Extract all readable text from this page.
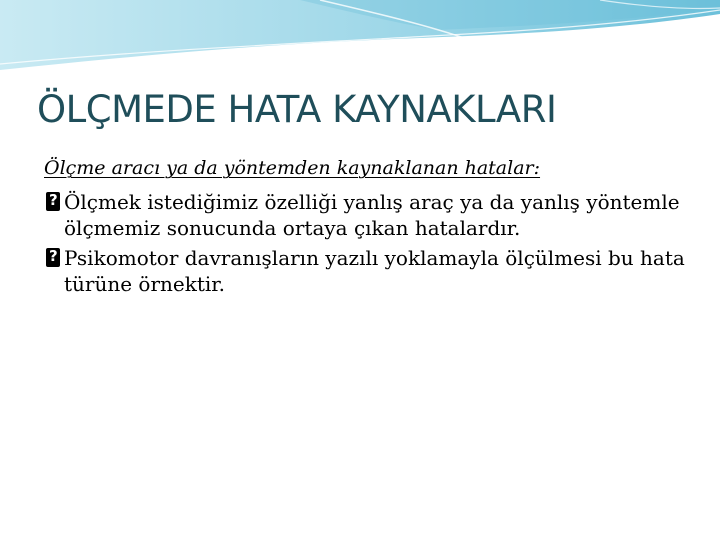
ÖLÇMEDE HATA KAYNAKLARI

Ölçme aracı ya da yöntemden kaynaklanan hatalar:

?
Ölçmek istediğimiz özelliği yanlış araç ya da yanlış yöntemle ölçmemiz sonucunda ortaya çıkan hatalardır.
?
Psikomotor davranışların yazılı yoklamayla ölçülmesi bu hata türüne örnektir.
